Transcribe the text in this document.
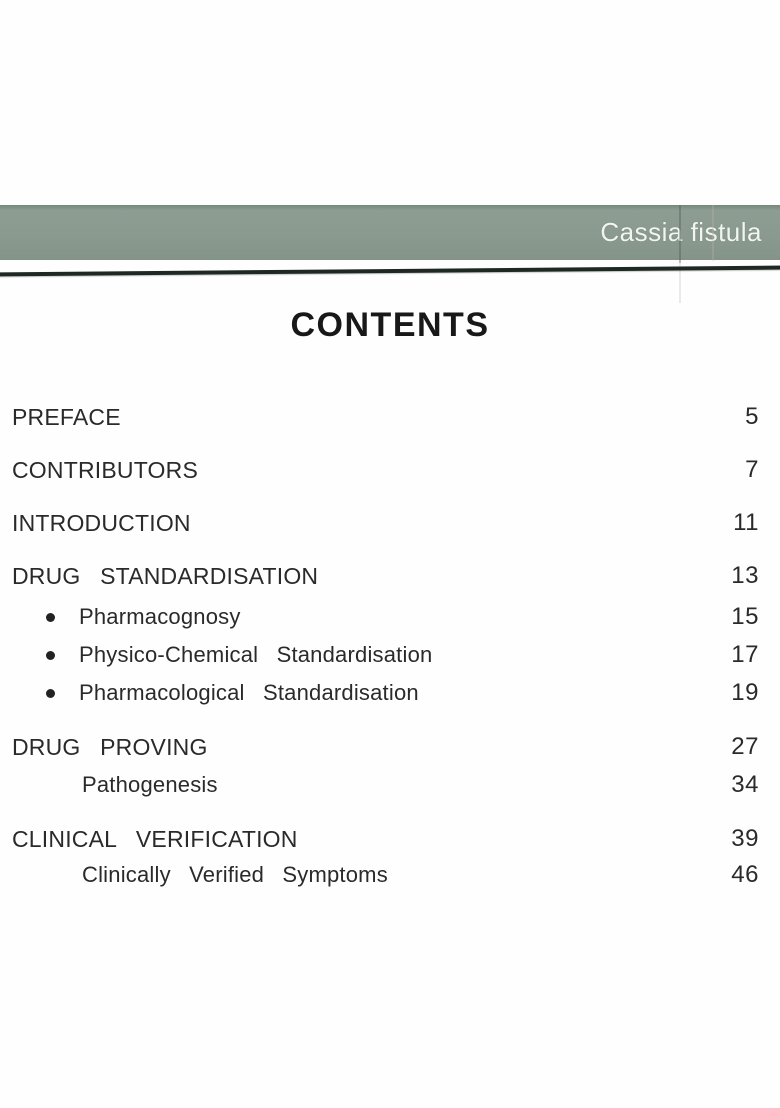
Cassia fistula
CONTENTS
PREFACE	5
CONTRIBUTORS	7
INTRODUCTION	11
DRUG STANDARDISATION	13
Pharmacognosy	15
Physico-Chemical Standardisation	17
Pharmacological Standardisation	19
DRUG PROVING	27
Pathogenesis	34
CLINICAL VERIFICATION	39
Clinically Verified Symptoms	46
